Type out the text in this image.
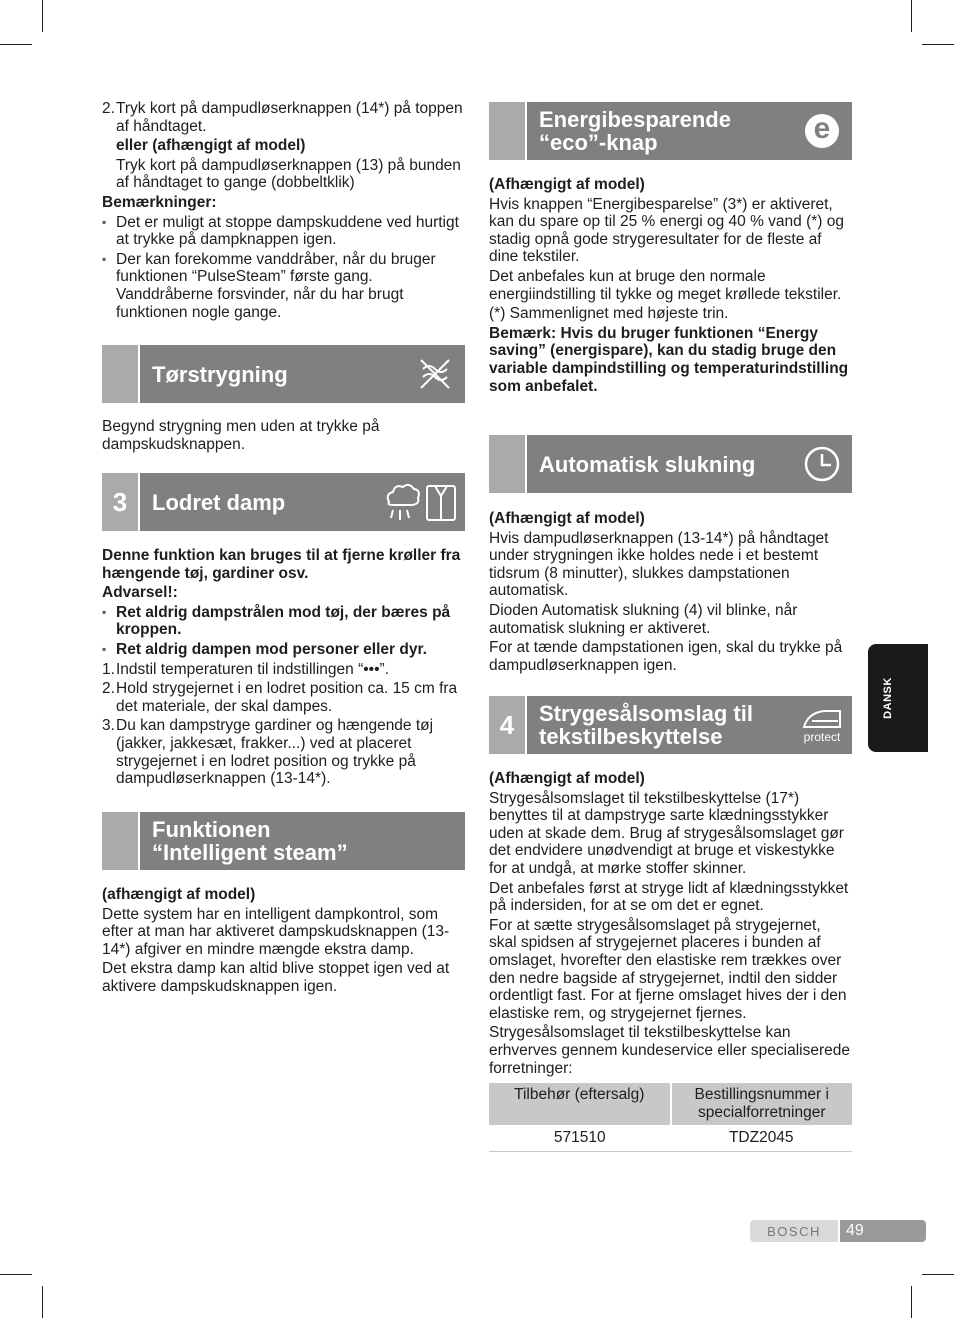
2. Tryk kort på dampudløserknappen (14*) på toppen af håndtaget.

eller (afhængigt af model)

Tryk kort på dampudløserknappen (13) på bunden af håndtaget to gange (dobbeltklik)

Bemærkninger:

▪ Det er muligt at stoppe dampskuddene ved hurtigt at trykke på dampknappen igen.
▪ Der kan forekomme vanddråber, når du bruger funktionen “PulseSteam” første gang. Vanddråberne forsvinder, når du har brugt funktionen nogle gange.
Tørstrygning

Begynd strygning men uden at trykke på dampskudsknappen.

3	Lodret damp

Denne funktion kan bruges til at fjerne krøller fra hængende tøj, gardiner osv.

Advarsel!:

▪ Ret aldrig dampstrålen mod tøj, der bæres på kroppen.
▪ Ret aldrig dampen mod personer eller dyr.
1. Indstil temperaturen til indstillingen “•••”.
2. Hold strygejernet i en lodret position ca. 15 cm fra det materiale, der skal dampes.
3. Du kan dampstryge gardiner og hængende tøj (jakker, jakkesæt, frakker...) ved at placeret strygejernet i en lodret position og trykke på dampudløserknappen (13-14*).
Funktionen
“Intelligent steam”

(afhængigt af model)

Dette system har en intelligent dampkontrol, som efter at man har aktiveret dampskudsknappen (13-14*) afgiver en mindre mængde ekstra damp.

Det ekstra damp kan altid blive stoppet igen ved at aktivere dampskudsknappen igen.

Energibesparende
“eco”-knap	e

(Afhængigt af model)

Hvis knappen “Energibesparelse” (3*) er aktiveret, kan du spare op til 25 % energi og 40 % vand (*) og stadig opnå gode strygeresultater for de fleste af dine tekstiler.

Det anbefales kun at bruge den normale energiindstilling til tykke og meget krøllede tekstiler.

(*) Sammenlignet med højeste trin.

Bemærk: Hvis du bruger funktionen “Energy saving” (energispare), kan du stadig bruge den variable dampindstilling og temperaturindstilling som anbefalet.

Automatisk slukning

(Afhængigt af model)

Hvis dampudløserknappen (13-14*) på håndtaget under strygningen ikke holdes nede i et bestemt tidsrum (8 minutter), slukkes dampstationen automatisk.

Dioden Automatisk slukning (4) vil blinke, når automatisk slukning er aktiveret.

For at tænde dampstationen igen, skal du trykke på dampudløserknappen igen.

4	Strygesålsomslag til
tekstilbeskyttelse	protect

(Afhængigt af model)

Strygesålsomslaget til tekstilbeskyttelse (17*) benyttes til at dampstryge sarte klædningsstykker uden at skade dem. Brug af strygesålsomslaget gør det endvidere unødvendigt at bruge et viskestykke for at undgå, at mørke stoffer skinner.

Det anbefales først at stryge lidt af klædningsstykket på indersiden, for at se om det er egnet.

For at sætte strygesålsomslaget på strygejernet, skal spidsen af strygejernet placeres i bunden af omslaget, hvorefter den elastiske rem trækkes over den nedre bagside af strygejernet, indtil den sidder ordentligt fast. For at fjerne omslaget hives der i den elastiske rem, og strygejernet fjernes.

Strygesålsomslaget til tekstilbeskyttelse kan erhverves gennem kundeservice eller specialiserede forretninger:

Tilbehør (eftersalg)	Bestillingsnummer i specialforretninger
571510	TDZ2045
DANSK
BOSCH	49
